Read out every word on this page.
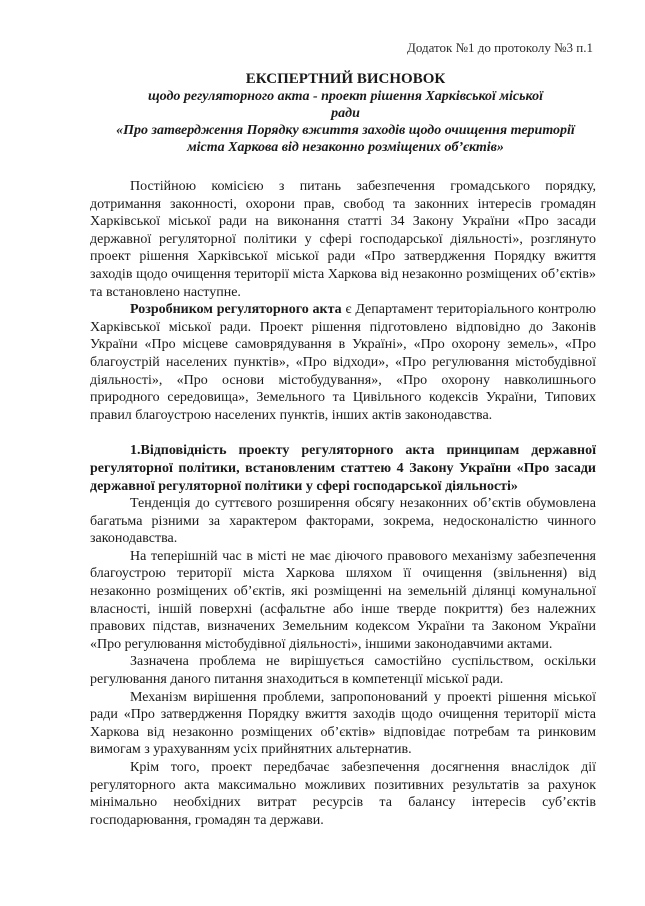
Додаток №1 до протоколу №3 п.1

ЕКСПЕРТНИЙ ВИСНОВОК

щодо регуляторного акта - проект рішення Харківської міської

ради

«Про затвердження Порядку вжиття заходів щодо очищення території

міста Харкова від незаконно розміщених об’єктів»

Постійною комісією з питань забезпечення громадського порядку, дотримання законності, охорони прав, свобод та законних інтересів громадян Харківської міської ради на виконання статті 34 Закону України «Про засади державної регуляторної політики у сфері господарської діяльності», розглянуто проект рішення Харківської міської ради «Про затвердження Порядку вжиття заходів щодо очищення території міста Харкова від незаконно розміщених об’єктів» та встановлено наступне.

Розробником регуляторного акта є Департамент територіального контролю Харківської міської ради. Проект рішення підготовлено відповідно до Законів України «Про місцеве самоврядування в Україні», «Про охорону земель», «Про благоустрій населених пунктів», «Про відходи», «Про регулювання містобудівної діяльності», «Про основи містобудування», «Про охорону навколишнього природного середовища», Земельного та Цивільного кодексів України, Типових правил благоустрою населених пунктів, інших актів законодавства.

1.Відповідність проекту регуляторного акта принципам державної регуляторної політики, встановленим статтею 4 Закону України «Про засади державної регуляторної політики у сфері господарської діяльності»

Тенденція до суттєвого розширення обсягу незаконних об’єктів обумовлена багатьма різними за характером факторами, зокрема, недосконалістю чинного законодавства.

На теперішній час в місті не має діючого правового механізму забезпечення благоустрою території міста Харкова шляхом її очищення (звільнення) від незаконно розміщених об’єктів, які розміщенні на земельній ділянці комунальної власності, іншій поверхні (асфальтне або інше тверде покриття) без належних правових підстав, визначених Земельним кодексом України та Законом України «Про регулювання містобудівної діяльності», іншими законодавчими актами.

Зазначена проблема не вирішується самостійно суспільством, оскільки регулювання даного питання знаходиться в компетенції міської ради.

Механізм вирішення проблеми, запропонований у проекті рішення міської ради «Про затвердження Порядку вжиття заходів щодо очищення території міста Харкова від незаконно розміщених об’єктів» відповідає потребам та ринковим вимогам з урахуванням усіх прийнятних альтернатив.

Крім того, проект передбачає забезпечення досягнення внаслідок дії регуляторного акта максимально можливих позитивних результатів за рахунок мінімально необхідних витрат ресурсів та балансу інтересів суб’єктів господарювання, громадян та держави.
